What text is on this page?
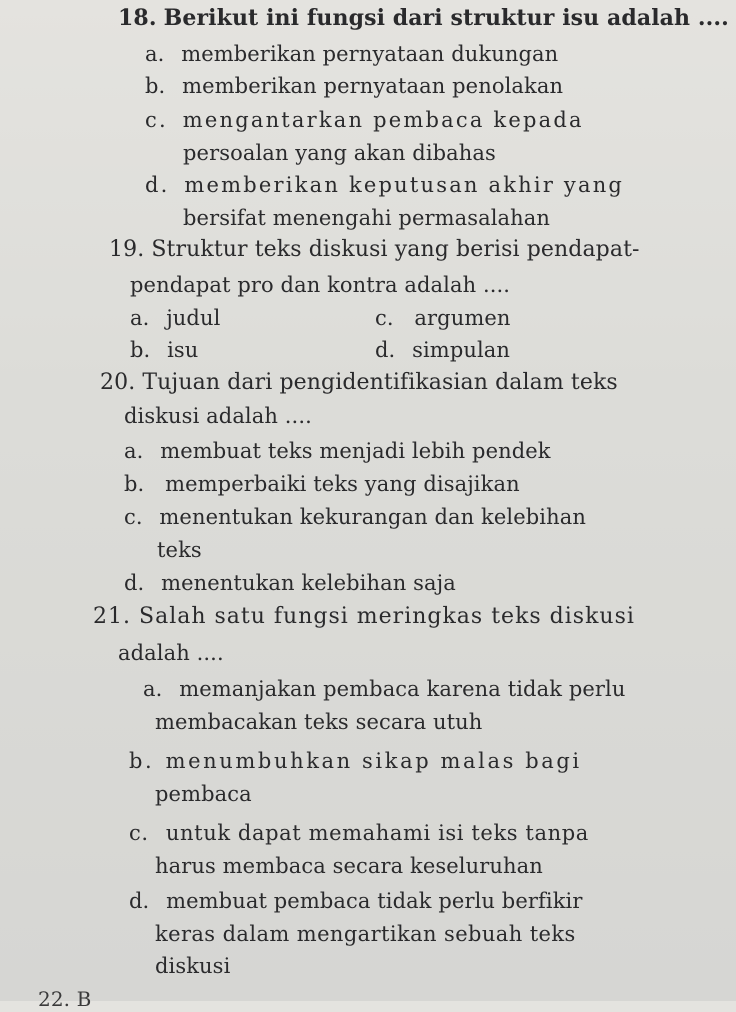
18. Berikut ini fungsi dari struktur isu adalah ....
a. memberikan pernyataan dukungan
b. memberikan pernyataan penolakan
c. mengantarkan pembaca kepada
persoalan yang akan dibahas
d. memberikan keputusan akhir yang
bersifat menengahi permasalahan
19. Struktur teks diskusi yang berisi pendapat-
pendapat pro dan kontra adalah ....
a. judul	c. argumen
b. isu	d. simpulan
20. Tujuan dari pengidentifikasian dalam teks
diskusi adalah ....
a. membuat teks menjadi lebih pendek
b. memperbaiki teks yang disajikan
c. menentukan kekurangan dan kelebihan
teks
d. menentukan kelebihan saja
21. Salah satu fungsi meringkas teks diskusi
adalah ....
a. memanjakan pembaca karena tidak perlu
membacakan teks secara utuh
b. menumbuhkan sikap malas bagi
pembaca
c. untuk dapat memahami isi teks tanpa
harus membaca secara keseluruhan
d. membuat pembaca tidak perlu berfikir
keras dalam mengartikan sebuah teks
diskusi
22. B
